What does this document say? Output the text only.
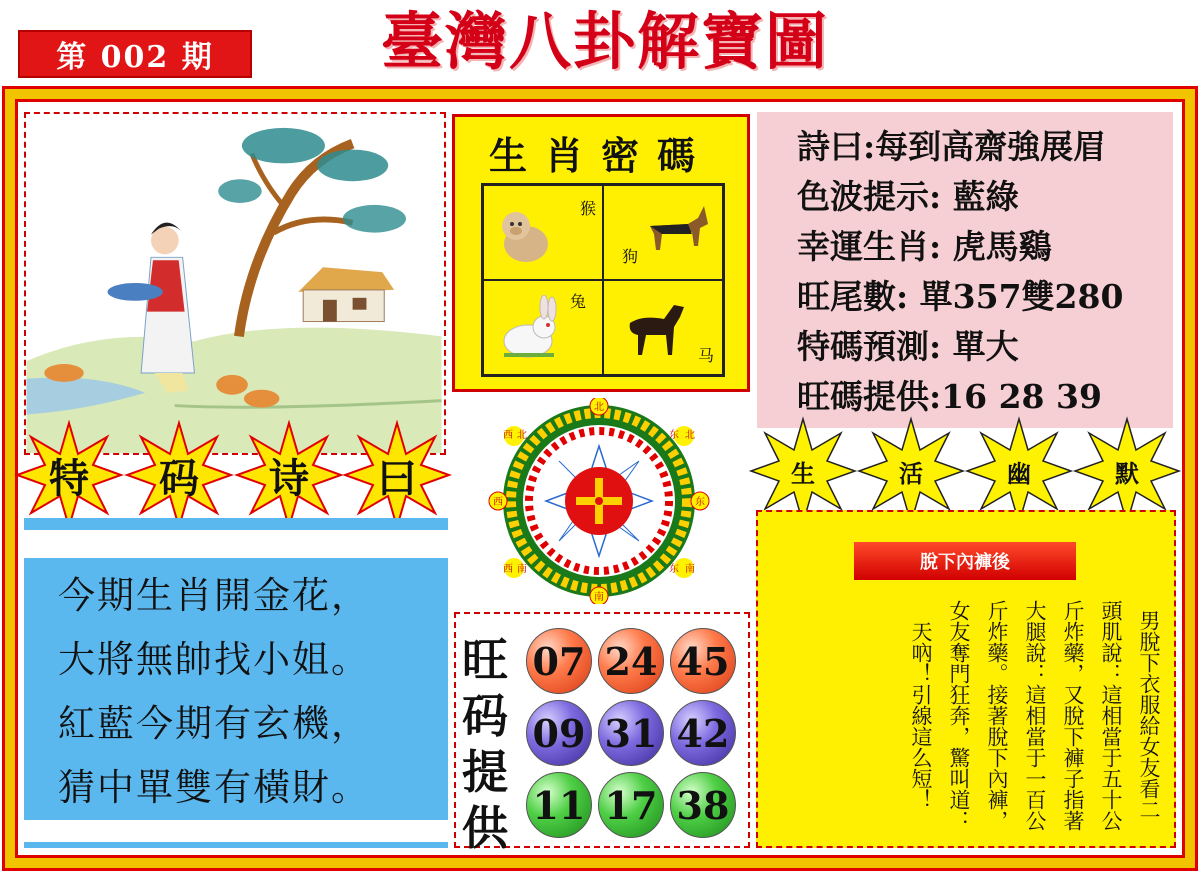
第 002 期	臺灣八卦解寶圖
生肖密碼
猴
狗
兔
马
詩曰:每到高齋強展眉
色波提示: 藍綠
幸運生肖: 虎馬鷄
旺尾數: 單357雙280
特碼預測: 單大
旺碼提供:16 28 39
特	码	诗	曰	生	活	幽	默
北
东 北
东
南
东
南
西 南
西
西 北
今期生肖開金花，
大將無帥找小姐。
紅藍今期有玄機，
猜中單雙有橫財。
旺
码
提
供
07 24 45
09 31 42
11 17 38
脫下內褲後
男脫下衣服給女友看二
頭肌說：這相當于五十公
斤炸藥，又脫下褲子指著
大腿說：這相當于一百公
斤炸藥。接著脫下內褲，
女友奪門狂奔，驚叫道：
天吶！引線這么短！
